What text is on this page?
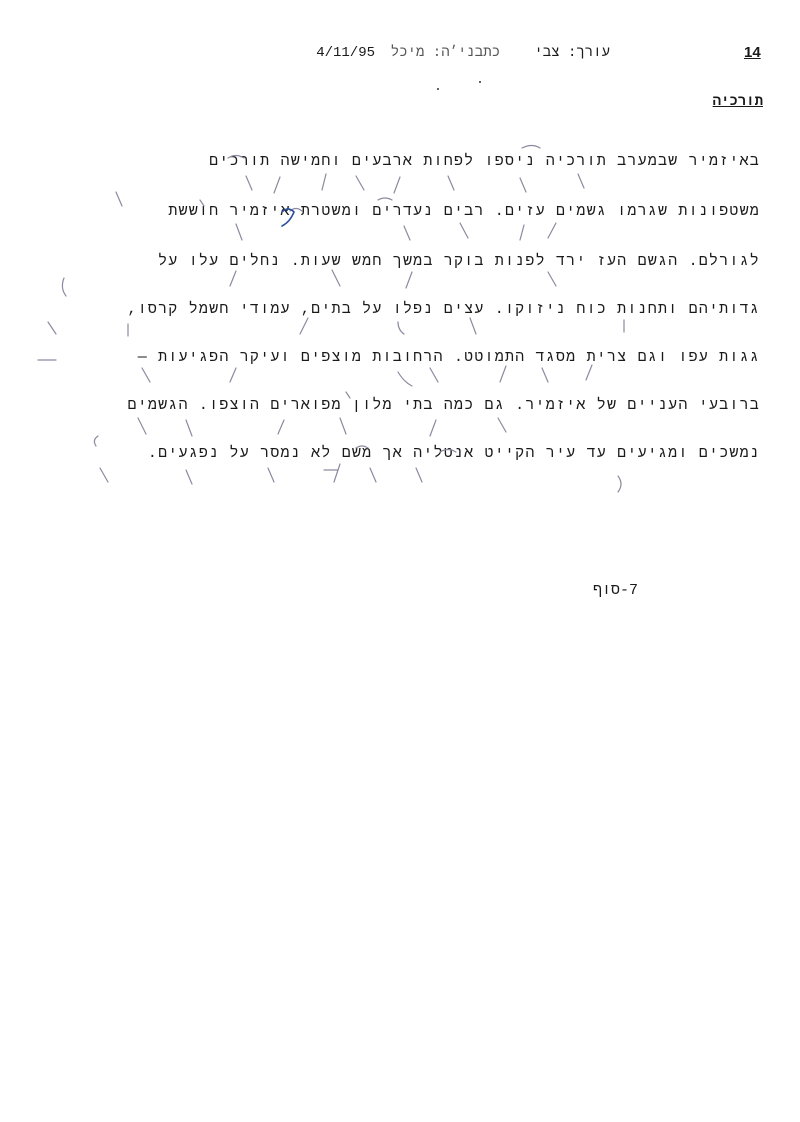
14
עורך: צבי
כתבני׳ה: מיכל
4/11/95
תורכיה
באיזמיר שבמערב תורכיה ניספו לפחות ארבעים וחמישה תורכים
משטפונות שגרמו גשמים עזים. רבים נעדרים ומשטרת איזמיר חוששת
לגורלם. הגשם העז ירד לפנות בוקר במשך חמש שעות. נחלים עלו על
גדותיהם ותחנות כוח ניזוקו. עצים נפלו על בתים, עמודי חשמל קרסו,
גגות עפו וגם צרית מסגד התמוטט. הרחובות מוצפים ועיקר הפגיעות —
ברובעי העניים של איזמיר. גם כמה בתי מלון מפוארים הוצפו. הגשמים
נמשכים ומגיעים עד עיר הקייט אנטליה אך משם לא נמסר על נפגעים.
7-סוף
